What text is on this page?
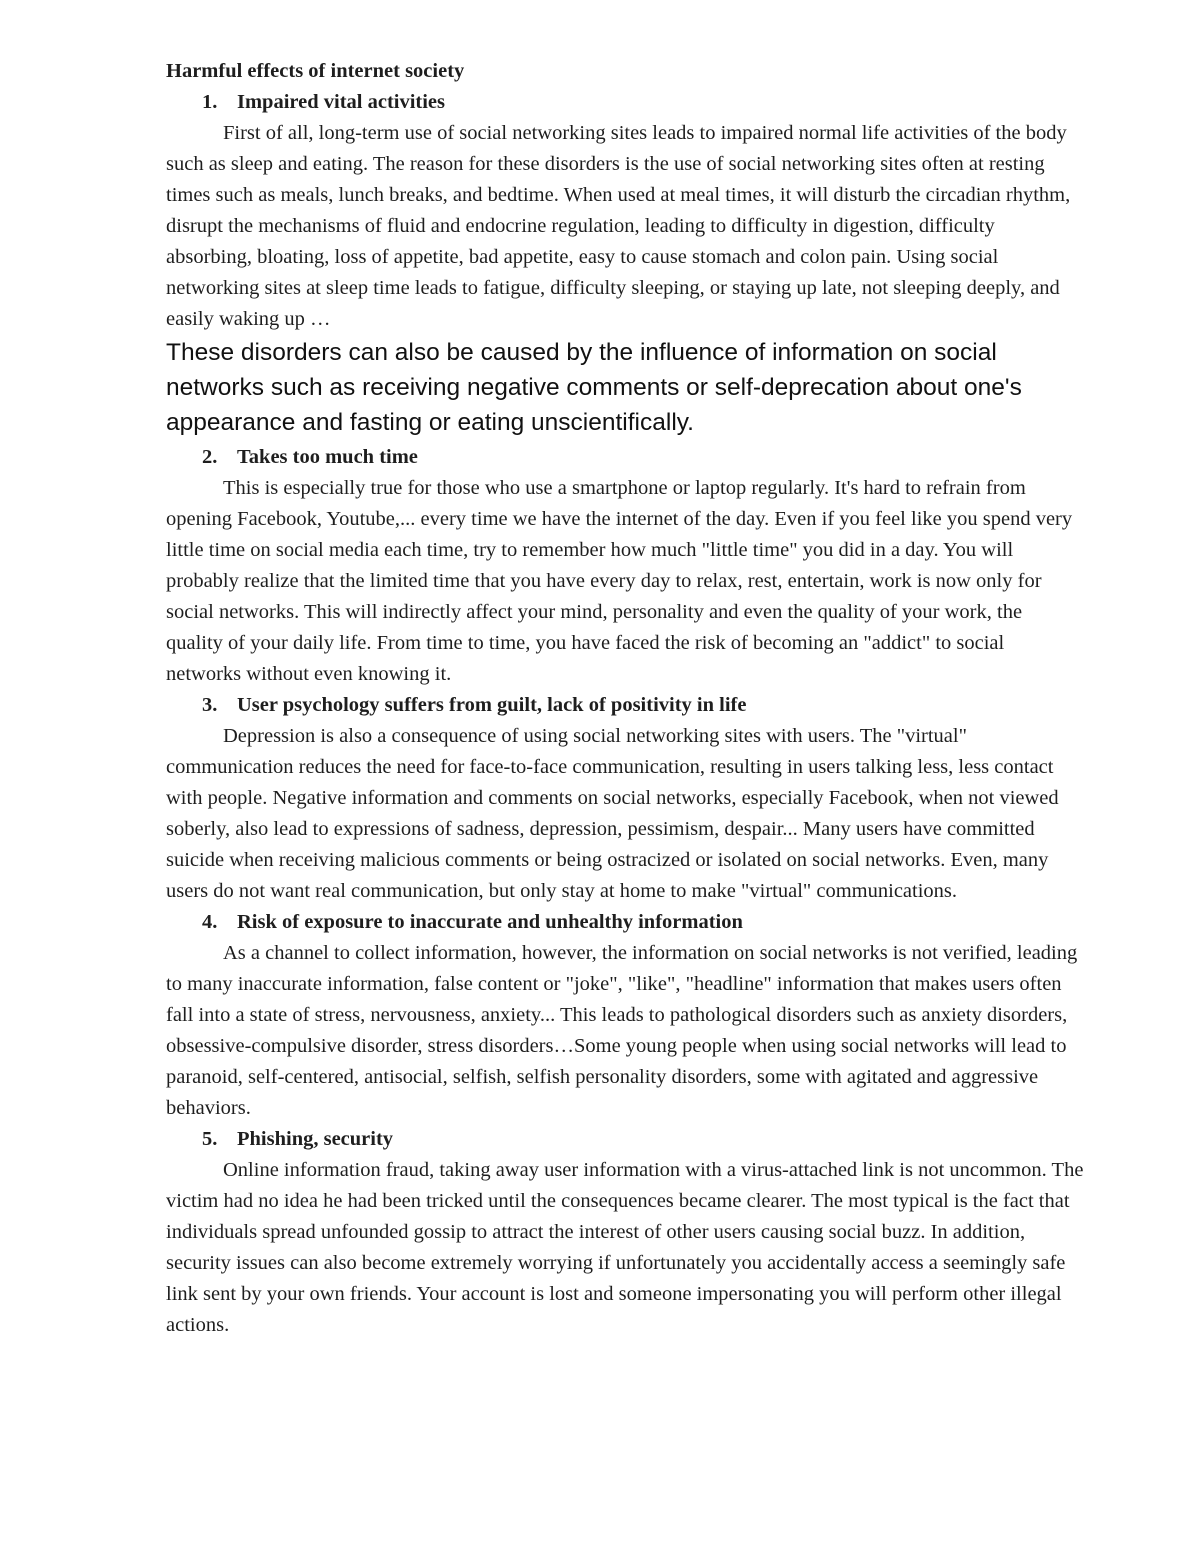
Harmful effects of internet society

1. Impaired vital activities

First of all, long-term use of social networking sites leads to impaired normal life activities of the body such as sleep and eating. The reason for these disorders is the use of social networking sites often at resting times such as meals, lunch breaks, and bedtime. When used at meal times, it will disturb the circadian rhythm, disrupt the mechanisms of fluid and endocrine regulation, leading to difficulty in digestion, difficulty absorbing, bloating, loss of appetite, bad appetite, easy to cause stomach and colon pain. Using social networking sites at sleep time leads to fatigue, difficulty sleeping, or staying up late, not sleeping deeply, and easily waking up …

These disorders can also be caused by the influence of information on social networks such as receiving negative comments or self-deprecation about one's appearance and fasting or eating unscientifically.

2. Takes too much time

This is especially true for those who use a smartphone or laptop regularly. It's hard to refrain from opening Facebook, Youtube,... every time we have the internet of the day. Even if you feel like you spend very little time on social media each time, try to remember how much "little time" you did in a day. You will probably realize that the limited time that you have every day to relax, rest, entertain, work is now only for social networks. This will indirectly affect your mind, personality and even the quality of your work, the quality of your daily life. From time to time, you have faced the risk of becoming an "addict" to social networks without even knowing it.

3. User psychology suffers from guilt, lack of positivity in life

Depression is also a consequence of using social networking sites with users. The "virtual" communication reduces the need for face-to-face communication, resulting in users talking less, less contact with people. Negative information and comments on social networks, especially Facebook, when not viewed soberly, also lead to expressions of sadness, depression, pessimism, despair... Many users have committed suicide when receiving malicious comments or being ostracized or isolated on social networks. Even, many users do not want real communication, but only stay at home to make "virtual" communications.

4. Risk of exposure to inaccurate and unhealthy information

As a channel to collect information, however, the information on social networks is not verified, leading to many inaccurate information, false content or "joke", "like", "headline" information that makes users often fall into a state of stress, nervousness, anxiety... This leads to pathological disorders such as anxiety disorders, obsessive-compulsive disorder, stress disorders…Some young people when using social networks will lead to paranoid, self-centered, antisocial, selfish, selfish personality disorders, some with agitated and aggressive behaviors.

5. Phishing, security

Online information fraud, taking away user information with a virus-attached link is not uncommon. The victim had no idea he had been tricked until the consequences became clearer. The most typical is the fact that individuals spread unfounded gossip to attract the interest of other users causing social buzz. In addition, security issues can also become extremely worrying if unfortunately you accidentally access a seemingly safe link sent by your own friends. Your account is lost and someone impersonating you will perform other illegal actions.
